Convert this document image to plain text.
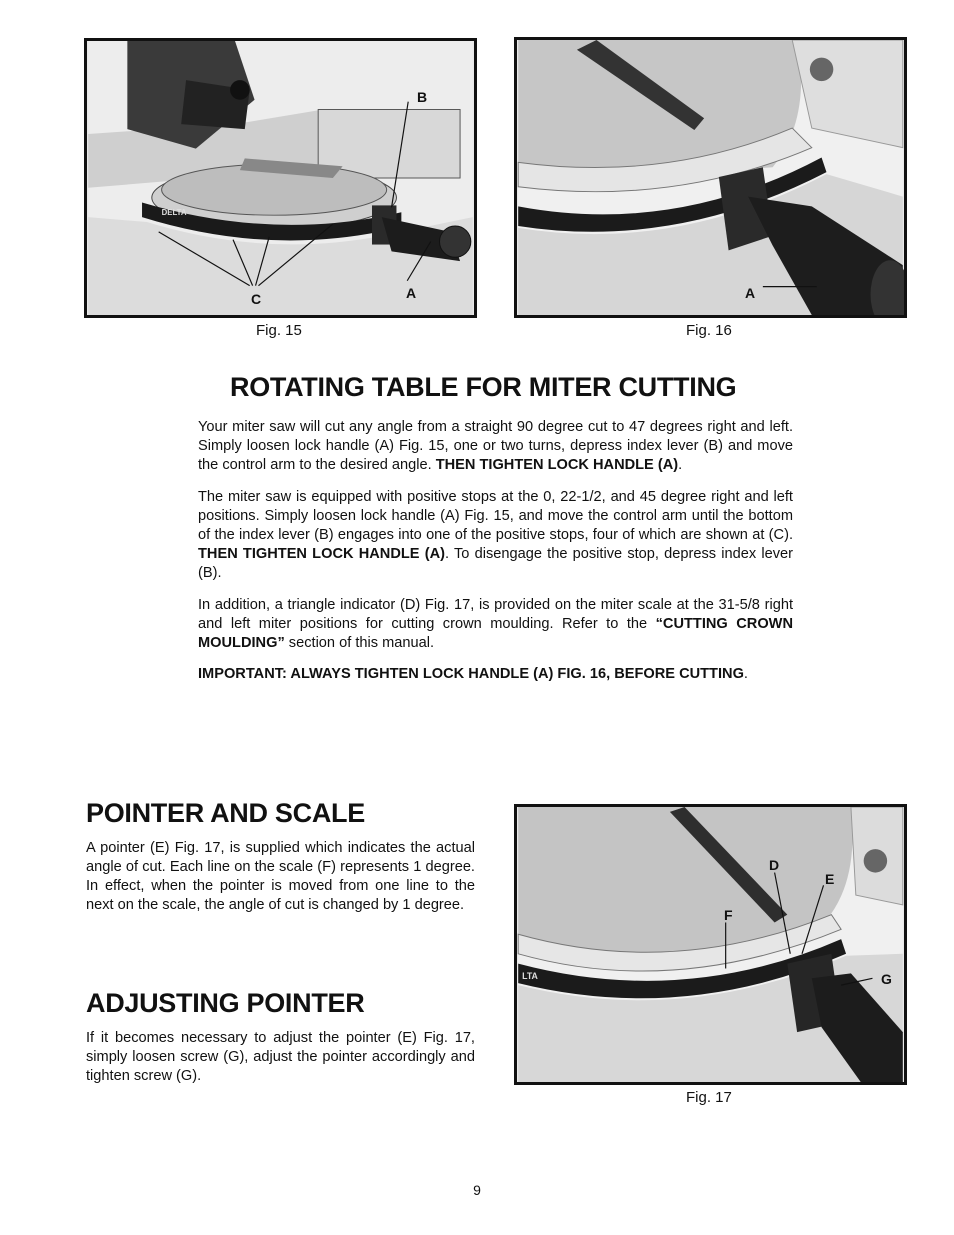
DELTA
B
C	A
Fig. 15
A
Fig. 16
ROTATING TABLE FOR MITER CUTTING

Your miter saw will cut any angle from a straight 90 degree cut to 47 degrees right and left. Simply loosen lock handle (A) Fig. 15, one or two turns, depress index lever (B) and move the control arm to the desired angle. THEN TIGHTEN LOCK HANDLE (A).

The miter saw is equipped with positive stops at the 0, 22-1/2, and 45 degree right and left positions. Simply loosen lock handle (A) Fig. 15, and move the control arm until the bottom of the index lever (B) engages into one of the positive stops, four of which are shown at (C). THEN TIGHTEN LOCK HANDLE (A). To disengage the positive stop, depress index lever (B).

In addition, a triangle indicator (D) Fig. 17, is provided on the miter scale at the 31-5/8 right and left miter positions for cutting crown moulding. Refer to the “CUTTING CROWN MOULDING” section of this manual.

IMPORTANT: ALWAYS TIGHTEN LOCK HANDLE (A) FIG. 16, BEFORE CUTTING.

POINTER AND SCALE

A pointer (E) Fig. 17, is supplied which indicates the actual angle of cut. Each line on the scale (F) represents 1 degree. In effect, when the pointer is moved from one line to the next on the scale, the angle of cut is changed by 1 degree.

ADJUSTING POINTER

If it becomes necessary to adjust the pointer (E) Fig. 17, simply loosen screw (G), adjust the pointer accordingly and tighten screw (G).

LTA
D
E
F
G
Fig. 17
9
